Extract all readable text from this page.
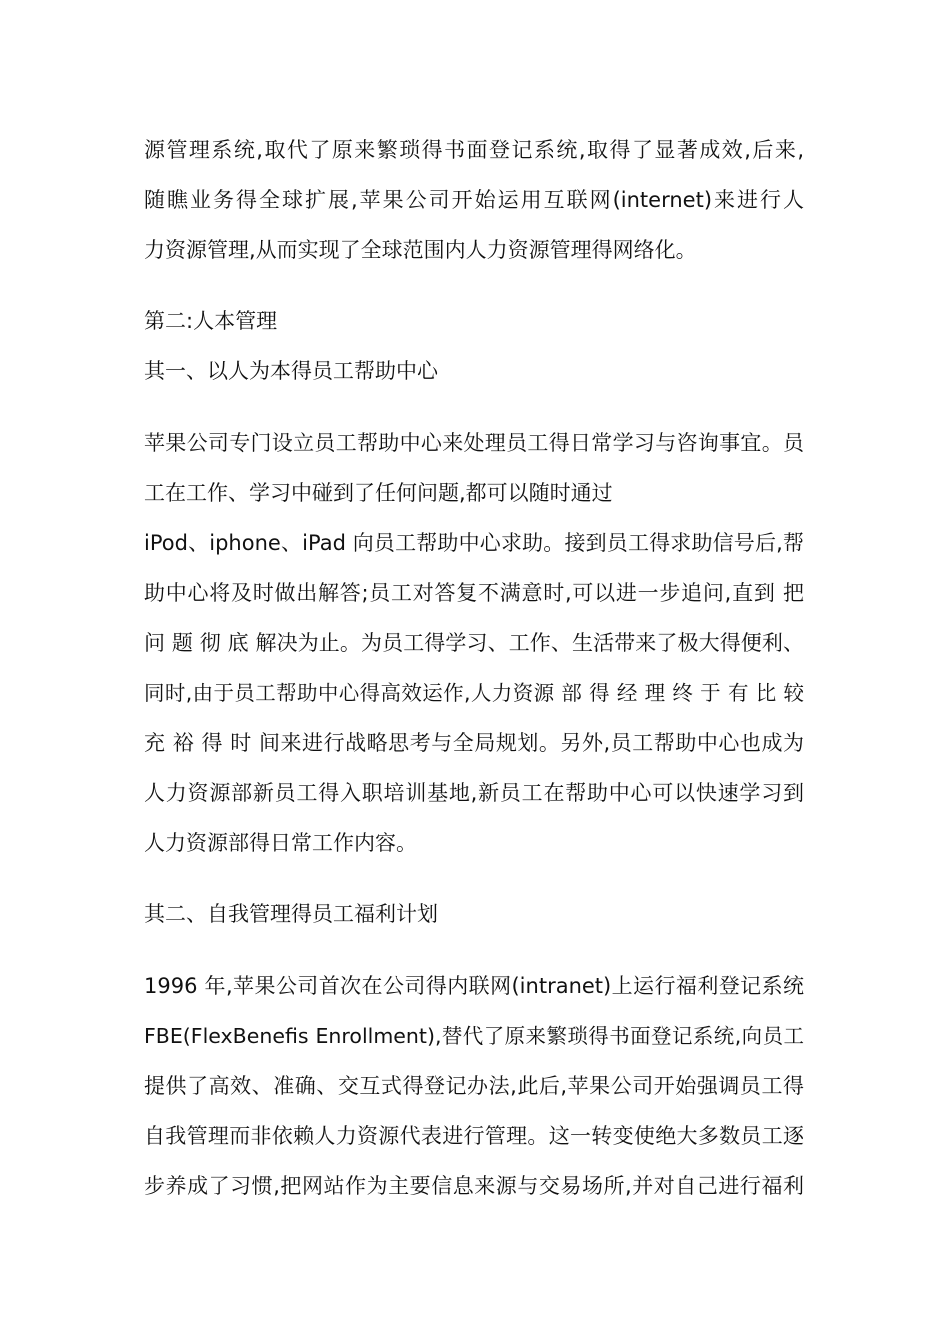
源管理系统,取代了原来繁琐得书面登记系统,取得了显著成效,后来,
随瞧业务得全球扩展,苹果公司开始运用互联网(internet)来进行人
力资源管理,从而实现了全球范围内人力资源管理得网络化。
第二:人本管理
其一、以人为本得员工帮助中心
苹果公司专门设立员工帮助中心来处理员工得日常学习与咨询事宜。员
工在工作、学习中碰到了任何问题,都可以随时通过
iPod、iphone、iPad 向员工帮助中心求助。接到员工得求助信号后,帮
助中心将及时做出解答;员工对答复不满意时,可以进一步追问,直到 把
问 题 彻 底 解决为止。为员工得学习、工作、生活带来了极大得便利、
同时,由于员工帮助中心得高效运作,人力资源 部 得 经 理 终 于 有 比 较
充 裕 得 时 间来进行战略思考与全局规划。另外,员工帮助中心也成为
人力资源部新员工得入职培训基地,新员工在帮助中心可以快速学习到
人力资源部得日常工作内容。
其二、自我管理得员工福利计划
1996 年,苹果公司首次在公司得内联网(intranet)上运行福利登记系统
FBE(FlexBenefis Enrollment),替代了原来繁琐得书面登记系统,向员工
提供了高效、准确、交互式得登记办法,此后,苹果公司开始强调员工得
自我管理而非依赖人力资源代表进行管理。这一转变使绝大多数员工逐
步养成了习惯,把网站作为主要信息来源与交易场所,并对自己进行福利
